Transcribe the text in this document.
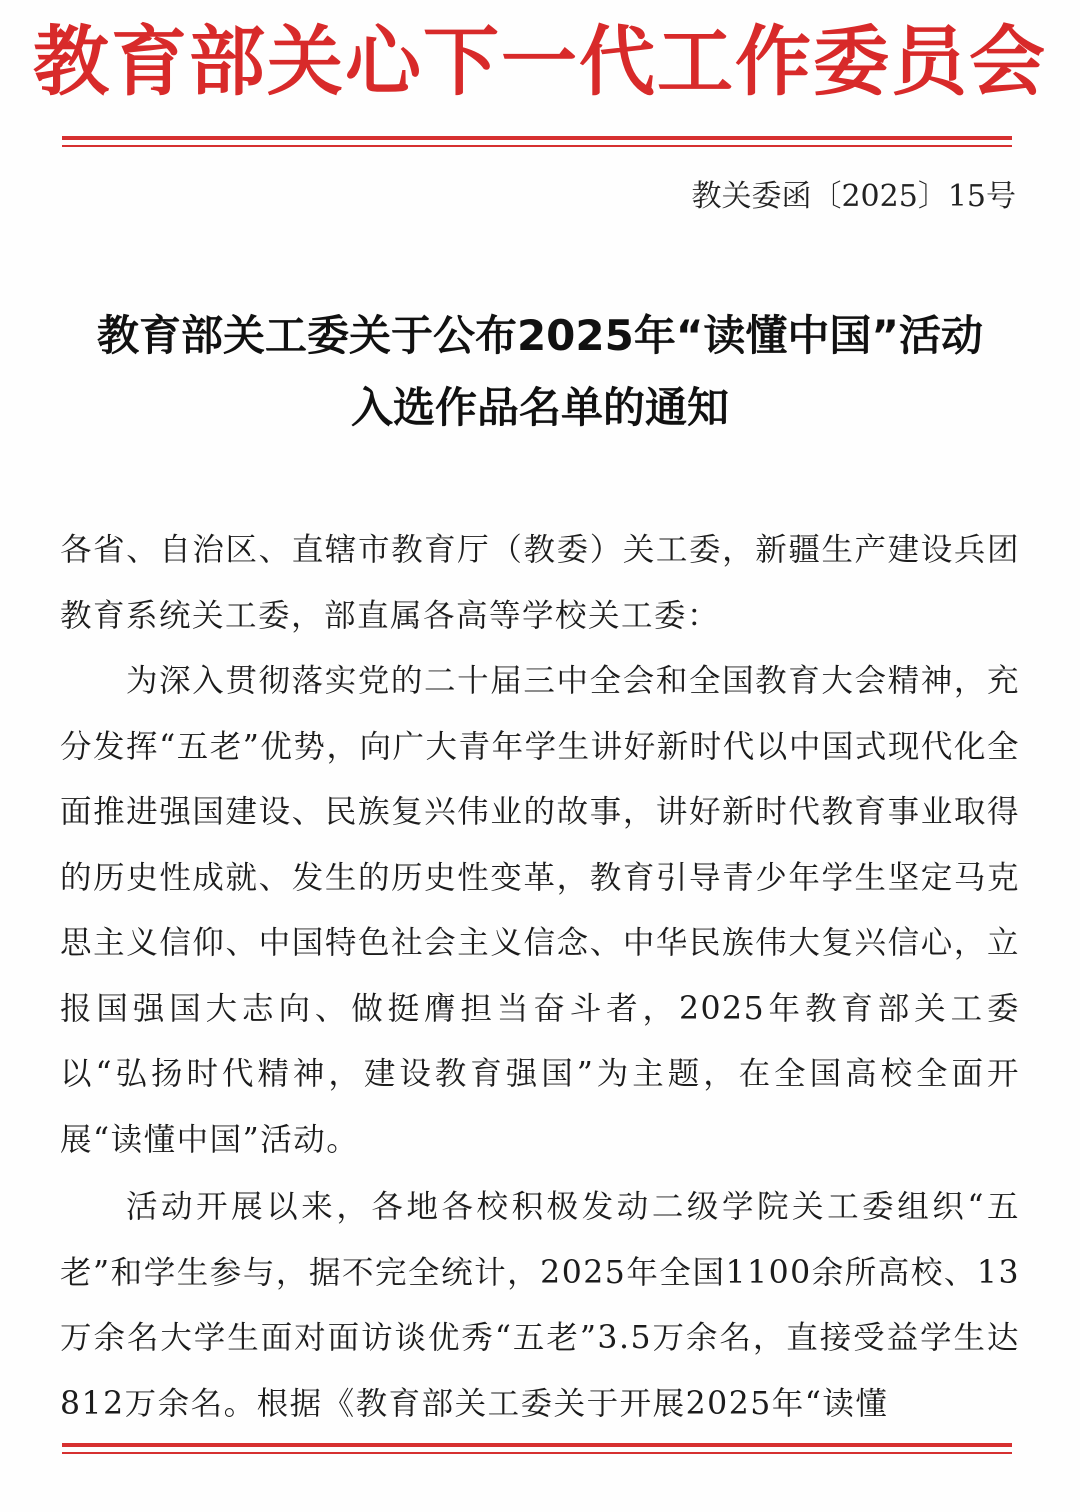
教育部关心下一代工作委员会
教关委函〔2025〕15号
教育部关工委关于公布2025年“读懂中国”活动
入选作品名单的通知

各省、自治区、直辖市教育厅（教委）关工委，新疆生产建设兵团教育系统关工委，部直属各高等学校关工委：

为深入贯彻落实党的二十届三中全会和全国教育大会精神，充分发挥“五老”优势，向广大青年学生讲好新时代以中国式现代化全面推进强国建设、民族复兴伟业的故事，讲好新时代教育事业取得的历史性成就、发生的历史性变革，教育引导青少年学生坚定马克思主义信仰、中国特色社会主义信念、中华民族伟大复兴信心，立报国强国大志向、做挺膺担当奋斗者，2025年教育部关工委以“弘扬时代精神，建设教育强国”为主题，在全国高校全面开展“读懂中国”活动。

活动开展以来，各地各校积极发动二级学院关工委组织“五老”和学生参与，据不完全统计，2025年全国1100余所高校、13万余名大学生面对面访谈优秀“五老”3.5万余名，直接受益学生达812万余名。根据《教育部关工委关于开展2025年“读懂
